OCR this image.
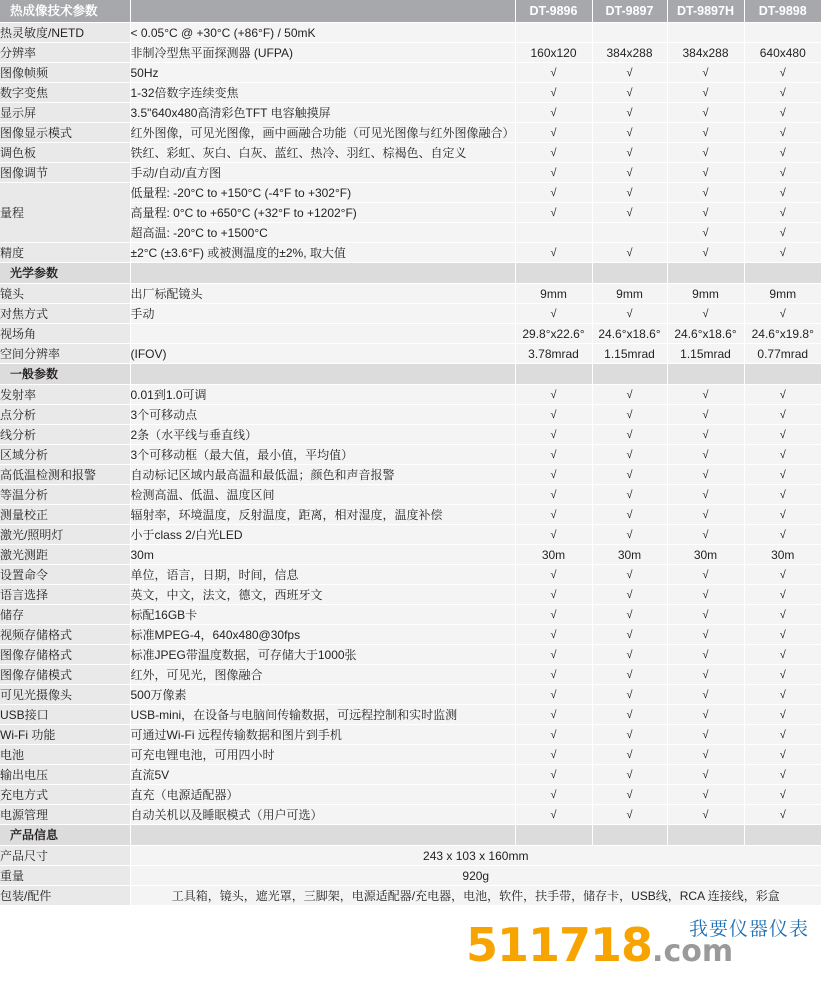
热成像技术参数		DT-9896	DT-9897	DT-9897H	DT-9898
热灵敏度/NETD	< 0.05°C @ +30°C (+86°F) / 50mK				
分辨率	非制冷型焦平面探测器 (UFPA)	160x120	384x288	384x288	640x480
图像帧频	50Hz	√	√	√	√
数字变焦	1-32倍数字连续变焦	√	√	√	√
显示屏	3.5"640x480高清彩色TFT 电容触摸屏	√	√	√	√
图像显示模式	红外图像，可见光图像，画中画融合功能（可见光图像与红外图像融合）	√	√	√	√
调色板	铁红、彩虹、灰白、白灰、蓝红、热冷、羽红、棕褐色、自定义	√	√	√	√
图像调节	手动/自动/直方图	√	√	√	√
量程	低量程: -20°C to +150°C (-4°F to +302°F)	√	√	√	√
	高量程: 0°C to +650°C (+32°F to +1202°F)	√	√	√	√
	超高温: -20°C to +1500°C			√	√
精度	±2°C (±3.6°F) 或被测温度的±2%, 取大值	√	√	√	√
光学参数					
镜头	出厂标配镜头	9mm	9mm	9mm	9mm
对焦方式	手动	√	√	√	√
视场角		29.8°x22.6°	24.6°x18.6°	24.6°x18.6°	24.6°x19.8°
空间分辨率	(IFOV)	3.78mrad	1.15mrad	1.15mrad	0.77mrad
一般参数					
发射率	0.01到1.0可调	√	√	√	√
点分析	3个可移动点	√	√	√	√
线分析	2条（水平线与垂直线）	√	√	√	√
区域分析	3个可移动框（最大值，最小值，平均值）	√	√	√	√
高低温检测和报警	自动标记区域内最高温和最低温；颜色和声音报警	√	√	√	√
等温分析	检测高温、低温、温度区间	√	√	√	√
测量校正	辐射率，环境温度，反射温度，距离，相对湿度，温度补偿	√	√	√	√
激光/照明灯	小于class 2/白光LED	√	√	√	√
激光测距	30m	30m	30m	30m	30m
设置命令	单位，语言，日期，时间，信息	√	√	√	√
语言选择	英文，中文，法文，德文，西班牙文	√	√	√	√
储存	标配16GB卡	√	√	√	√
视频存储格式	标准MPEG-4，640x480@30fps	√	√	√	√
图像存储格式	标准JPEG带温度数据，可存储大于1000张	√	√	√	√
图像存储模式	红外，可见光，图像融合	√	√	√	√
可见光摄像头	500万像素	√	√	√	√
USB接口	USB-mini，在设备与电脑间传输数据，可远程控制和实时监测	√	√	√	√
Wi-Fi 功能	可通过Wi-Fi 远程传输数据和图片到手机	√	√	√	√
电池	可充电锂电池，可用四小时	√	√	√	√
输出电压	直流5V	√	√	√	√
充电方式	直充（电源适配器）	√	√	√	√
电源管理	自动关机以及睡眠模式（用户可选）	√	√	√	√
产品信息					
产品尺寸	243 x 103 x 160mm				
重量	920g				
包装/配件	工具箱，镜头，遮光罩，三脚架，电源适配器/充电器，电池，软件，扶手带，储存卡，USB线，RCA 连接线，彩盒				
511718.com
我要仪器仪表
